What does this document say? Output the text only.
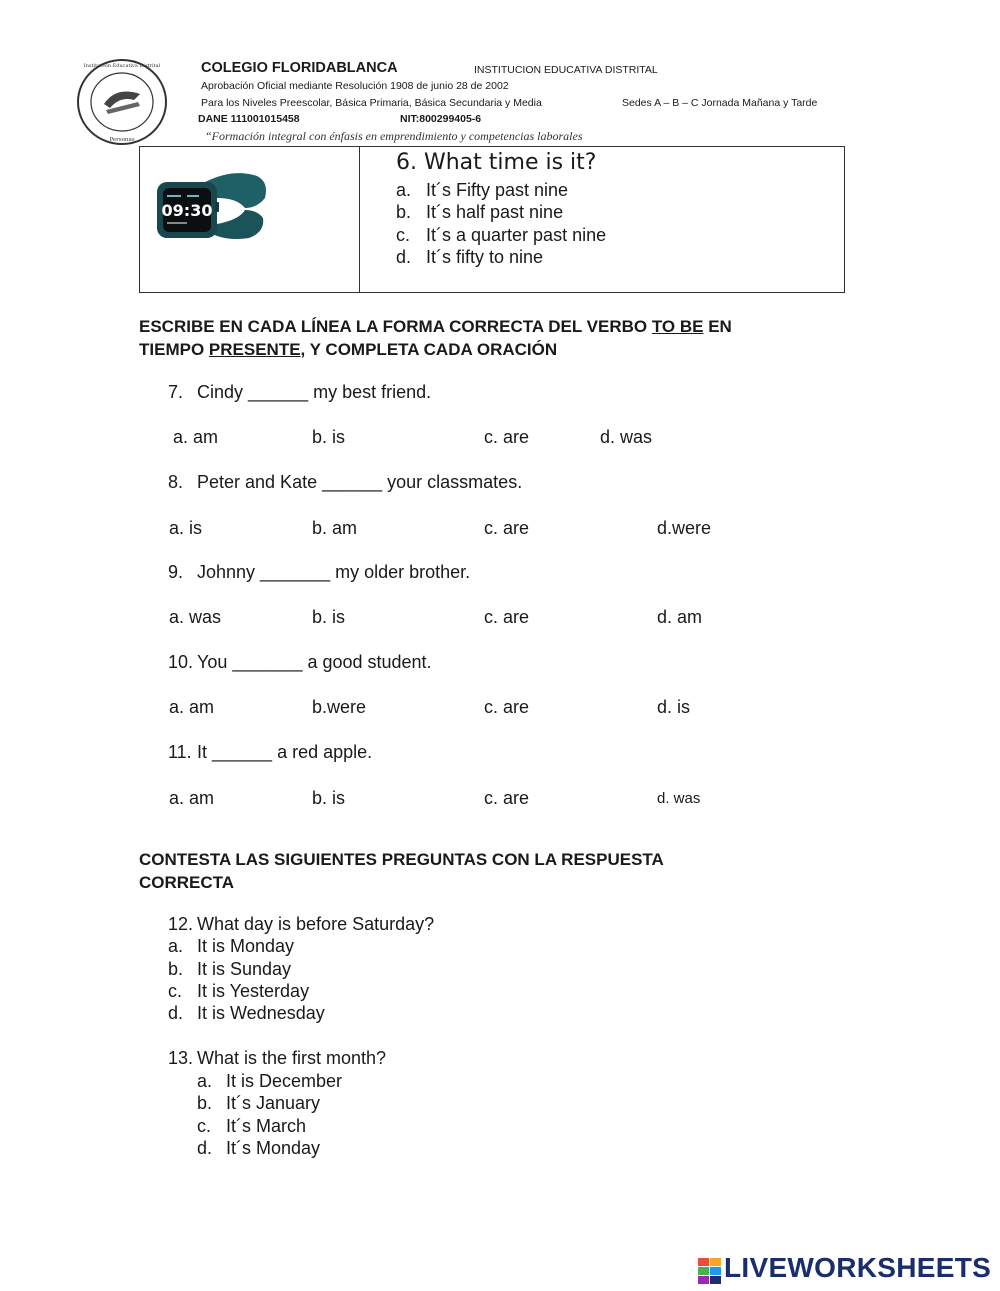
Institución Educativa Distrital
Personas
COLEGIO FLORIDABLANCA	INSTITUCION EDUCATIVA DISTRITAL
Aprobación Oficial mediante Resolución 1908 de junio 28 de 2002
Para los Niveles Preescolar, Básica Primaria, Básica Secundaria y Media	Sedes A – B – C Jornada Mañana y Tarde
DANE 111001015458	NIT:800299405-6
“Formación integral con énfasis en emprendimiento y competencias laborales
09:30
6. What time is it?
a. It´s Fifty past nine
b. It´s half past nine
c. It´s a quarter past nine
d. It´s fifty to nine
ESCRIBE EN CADA LÍNEA LA FORMA CORRECTA DEL VERBO TO BE EN
TIEMPO PRESENTE, Y COMPLETA CADA ORACIÓN
7. Cindy ______ my best friend.
a. am	b. is	c. are	d. was
8. Peter and Kate ______ your classmates.
a. is	b. am	c. are	d.were
9. Johnny _______ my older brother.
a. was	b. is	c. are	d. am
10. You _______ a good student.
a. am	b.were	c. are	d. is
11. It ______ a red apple.
a. am	b. is	c. are	d. was
CONTESTA LAS SIGUIENTES PREGUNTAS CON LA RESPUESTA
CORRECTA
12. What day is before Saturday?
a. It is Monday
b. It is Sunday
c. It is Yesterday
d. It is Wednesday
13. What is the first month?
a. It is December
b. It´s January
c. It´s March
d. It´s Monday
LIVEWORKSHEETS
